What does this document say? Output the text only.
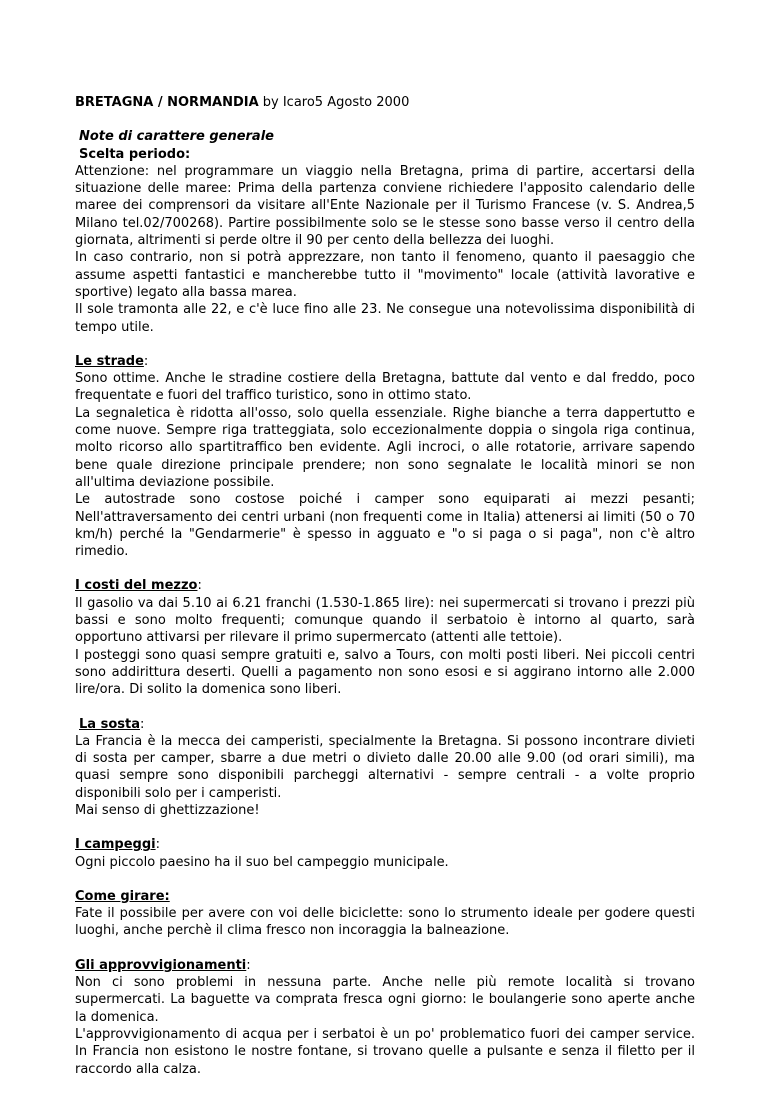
BRETAGNA / NORMANDIA by Icaro5 Agosto 2000

Note di carattere generale

Scelta periodo:

Attenzione: nel programmare un viaggio nella Bretagna, prima di partire, accertarsi della situazione delle maree: Prima della partenza conviene richiedere l'apposito calendario delle maree dei comprensori da visitare all'Ente Nazionale per il Turismo Francese (v. S. Andrea,5 Milano tel.02/700268). Partire possibilmente solo se le stesse sono basse verso il centro della giornata, altrimenti si perde oltre il 90 per cento della bellezza dei luoghi.

In caso contrario, non si potrà apprezzare, non tanto il fenomeno, quanto il paesaggio che assume aspetti fantastici e mancherebbe tutto il "movimento" locale (attività lavorative e sportive) legato alla bassa marea.

Il sole tramonta alle 22, e c'è luce fino alle 23. Ne consegue una notevolissima disponibilità di tempo utile.

Le strade:

Sono ottime. Anche le stradine costiere della Bretagna, battute dal vento e dal freddo, poco frequentate e fuori del traffico turistico, sono in ottimo stato.

La segnaletica è ridotta all'osso, solo quella essenziale. Righe bianche a terra dappertutto e come nuove. Sempre riga tratteggiata, solo eccezionalmente doppia o singola riga continua, molto ricorso allo spartitraffico ben evidente. Agli incroci, o alle rotatorie, arrivare sapendo bene quale direzione principale prendere; non sono segnalate le località minori se non all'ultima deviazione possibile.

Le autostrade sono costose poiché i camper sono equiparati ai mezzi pesanti; Nell'attraversamento dei centri urbani (non frequenti come in Italia) attenersi ai limiti (50 o 70 km/h) perché la "Gendarmerie" è spesso in agguato e "o si paga o si paga", non c'è altro rimedio.

I costi del mezzo:

Il gasolio va dai 5.10 ai 6.21 franchi (1.530-1.865 lire): nei supermercati si trovano i prezzi più bassi e sono molto frequenti; comunque quando il serbatoio è intorno al quarto, sarà opportuno attivarsi per rilevare il primo supermercato (attenti alle tettoie).

I posteggi sono quasi sempre gratuiti e, salvo a Tours, con molti posti liberi. Nei piccoli centri sono addirittura deserti. Quelli a pagamento non sono esosi e si aggirano intorno alle 2.000 lire/ora. Di solito la domenica sono liberi.

La sosta:

La Francia è la mecca dei camperisti, specialmente la Bretagna. Si possono incontrare divieti di sosta per camper, sbarre a due metri o divieto dalle 20.00 alle 9.00 (od orari simili), ma quasi sempre sono disponibili parcheggi alternativi - sempre centrali - a volte proprio disponibili solo per i camperisti.

Mai senso di ghettizzazione!

I campeggi:

Ogni piccolo paesino ha il suo bel campeggio municipale.

Come girare:

Fate il possibile per avere con voi delle biciclette: sono lo strumento ideale per godere questi luoghi, anche perchè il clima fresco non incoraggia la balneazione.

Gli approvvigionamenti:

Non ci sono problemi in nessuna parte. Anche nelle più remote località si trovano supermercati. La baguette va comprata fresca ogni giorno: le boulangerie sono aperte anche la domenica.

L'approvvigionamento di acqua per i serbatoi è un po' problematico fuori dei camper service. In Francia non esistono le nostre fontane, si trovano quelle a pulsante e senza il filetto per il raccordo alla calza.
